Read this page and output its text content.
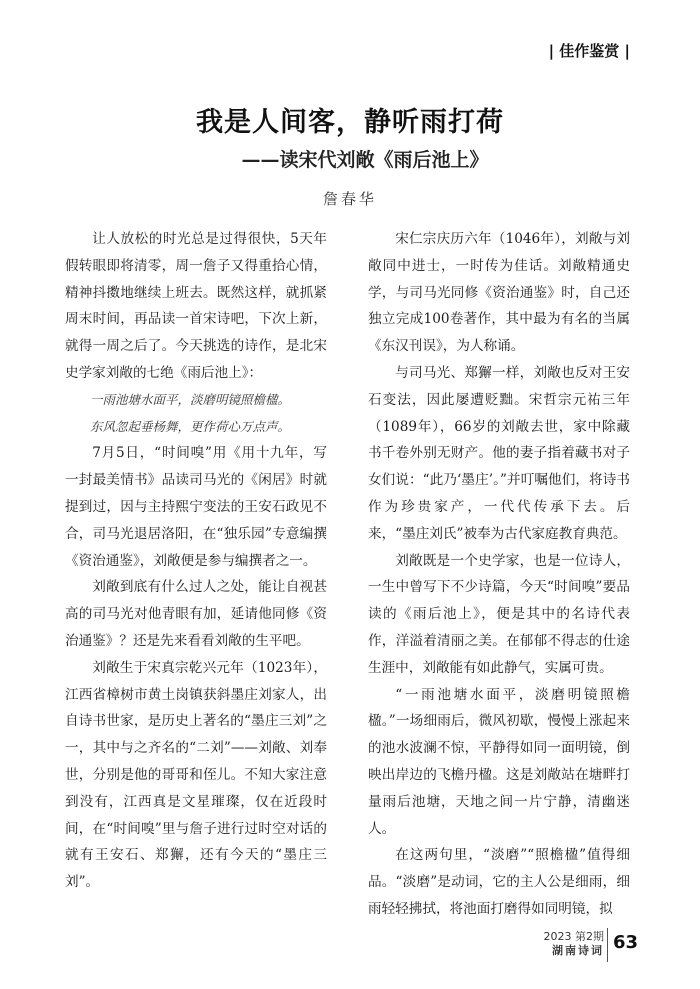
| 佳作鉴赏 |
我是人间客，静听雨打荷
——读宋代刘敞《雨后池上》
詹春华

让人放松的时光总是过得很快，5天年假转眼即将清零，周一詹子又得重拾心情，精神抖擞地继续上班去。既然这样，就抓紧周末时间，再品读一首宋诗吧，下次上新，就得一周之后了。今天挑选的诗作，是北宋史学家刘敞的七绝《雨后池上》：

一雨池塘水面平，淡磨明镜照檐楹。

东风忽起垂杨舞，更作荷心万点声。

7月5日，“时间嗅”用《用十九年，写一封最美情书》品读司马光的《闲居》时就提到过，因与主持熙宁变法的王安石政见不合，司马光退居洛阳，在“独乐园”专意编撰《资治通鉴》，刘敞便是参与编撰者之一。

刘敞到底有什么过人之处，能让自视甚高的司马光对他青眼有加，延请他同修《资治通鉴》？还是先来看看刘敞的生平吧。

刘敞生于宋真宗乾兴元年（1023年），江西省樟树市黄土岗镇获斜墨庄刘家人，出自诗书世家，是历史上著名的“墨庄三刘”之一，其中与之齐名的“二刘”——刘敞、刘奉世，分别是他的哥哥和侄儿。不知大家注意到没有，江西真是文星璀璨，仅在近段时间，在“时间嗅”里与詹子进行过时空对话的就有王安石、郑獬，还有今天的“墨庄三刘”。

宋仁宗庆历六年（1046年），刘敞与刘敞同中进士，一时传为佳话。刘敞精通史学，与司马光同修《资治通鉴》时，自己还独立完成100卷著作，其中最为有名的当属《东汉刊误》，为人称诵。

与司马光、郑獬一样，刘敞也反对王安石变法，因此屡遭贬黜。宋哲宗元祐三年（1089年），66岁的刘敞去世，家中除藏书千卷外别无财产。他的妻子指着藏书对子女们说：“此乃‘墨庄’。”并叮嘱他们，将诗书作为珍贵家产，一代代传承下去。后来，“墨庄刘氏”被奉为古代家庭教育典范。

刘敞既是一个史学家，也是一位诗人，一生中曾写下不少诗篇，今天“时间嗅”要品读的《雨后池上》，便是其中的名诗代表作，洋溢着清丽之美。在郁郁不得志的仕途生涯中，刘敞能有如此静气，实属可贵。

“一雨池塘水面平，淡磨明镜照檐楹。”一场细雨后，微风初歇，慢慢上涨起来的池水波澜不惊，平静得如同一面明镜，倒映出岸边的飞檐丹楹。这是刘敞站在塘畔打量雨后池塘，天地之间一片宁静，清幽迷人。

在这两句里，“淡磨”“照檐楹”值得细品。“淡磨”是动词，它的主人公是细雨，细雨轻轻拂拭，将池面打磨得如同明镜，拟

2023 第2期
湖南诗词 63
